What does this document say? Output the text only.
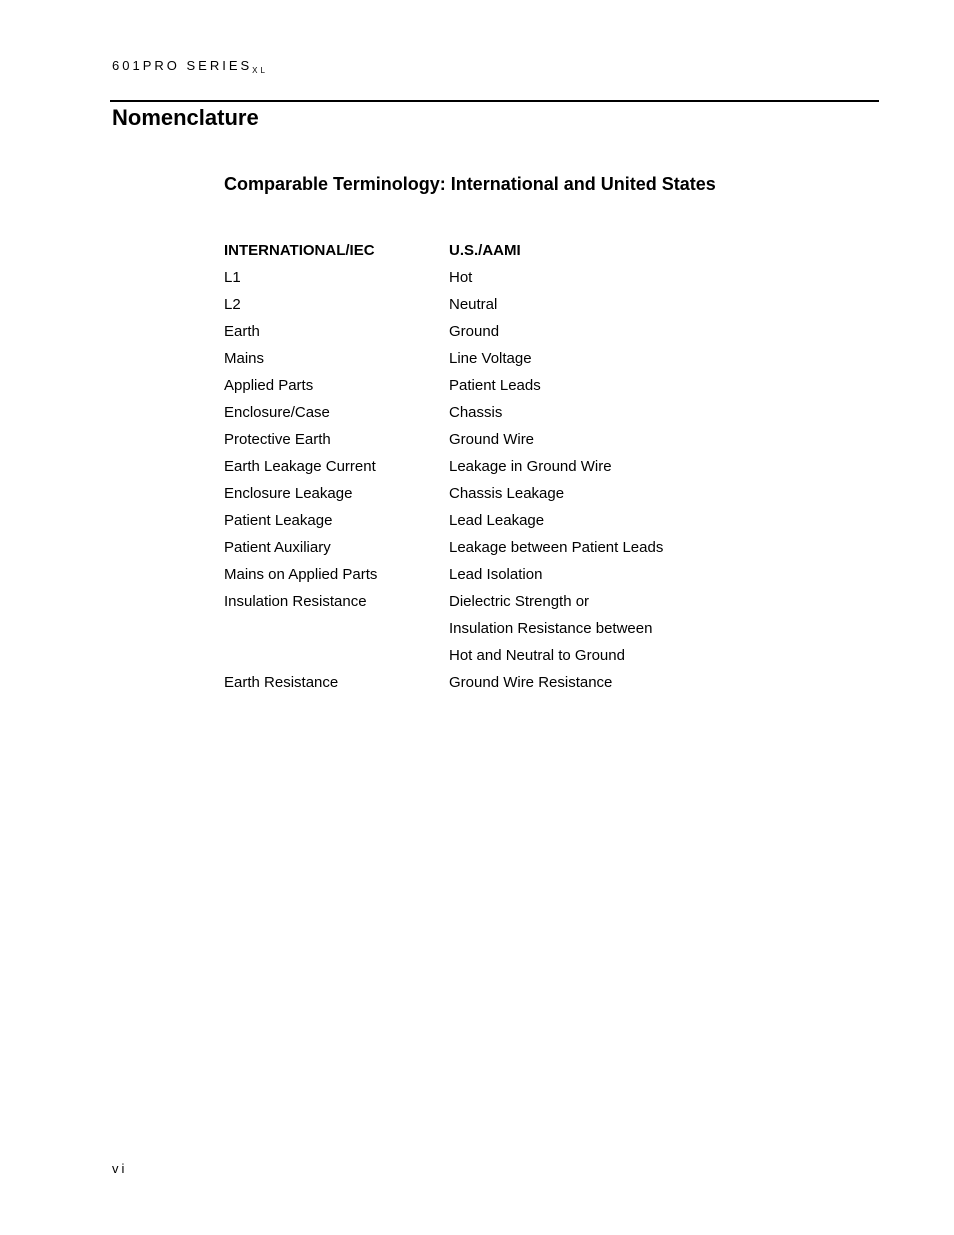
601PRO $SERIES_{XL}$
Nomenclature
Comparable Terminology: International and United States
INTERNATIONAL/IEC	U.S./AAMI
L1	Hot
L2	Neutral
Earth	Ground
Mains	Line Voltage
Applied Parts	Patient Leads
Enclosure/Case	Chassis
Protective Earth	Ground Wire
Earth Leakage Current	Leakage in Ground Wire
Enclosure Leakage	Chassis Leakage
Patient Leakage	Lead Leakage
Patient Auxiliary	Leakage between Patient Leads
Mains on Applied Parts	Lead Isolation
Insulation Resistance	Dielectric Strength or
Insulation Resistance between
Hot and Neutral to Ground
Earth Resistance	Ground Wire Resistance
vi
